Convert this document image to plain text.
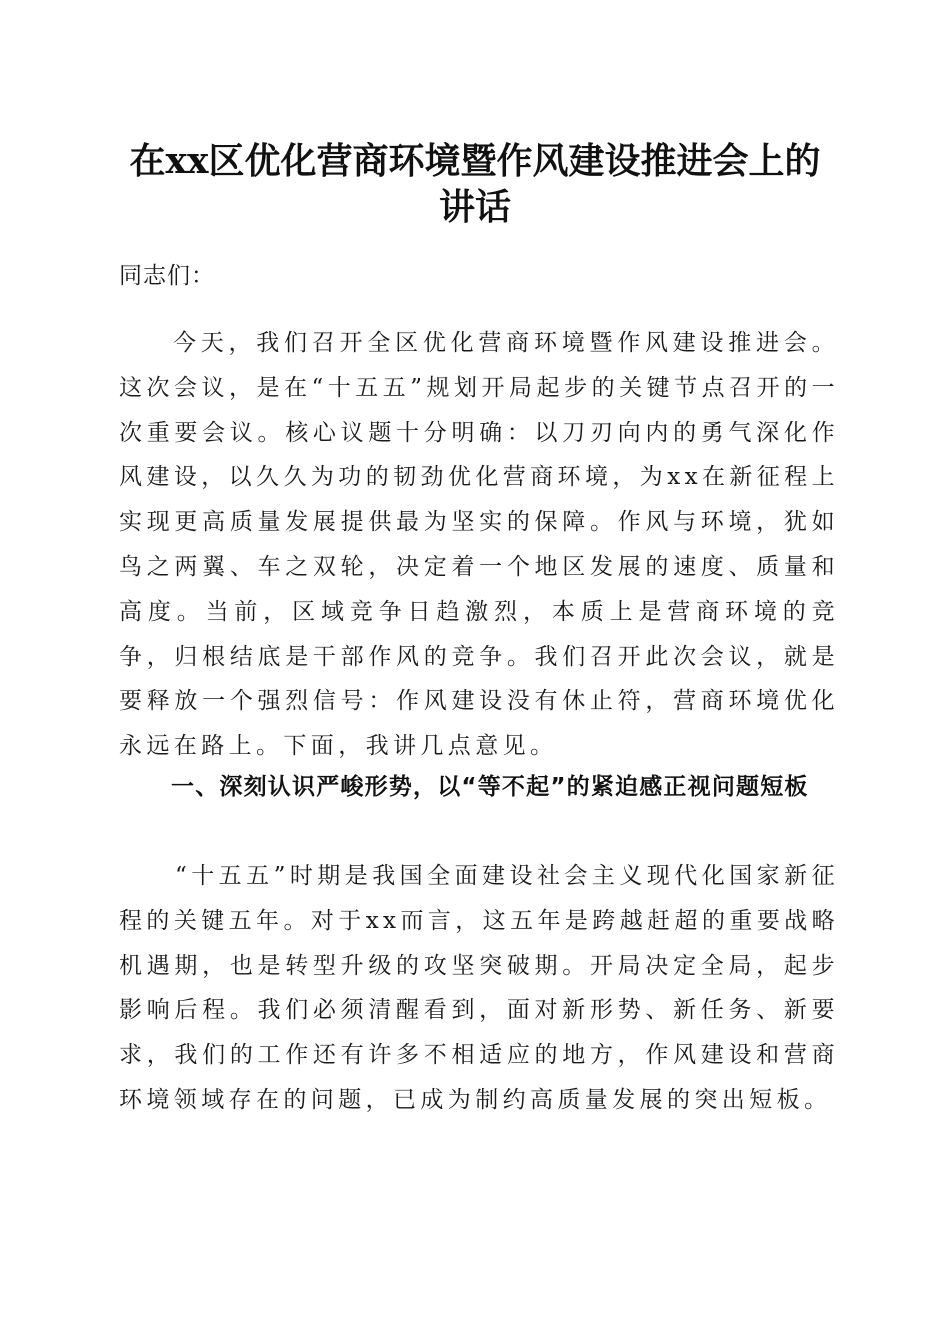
在xx区优化营商环境暨作风建设推进会上的
讲话

同志们：

今天，我们召开全区优化营商环境暨作风建设推进会。这次会议，是在“十五五”规划开局起步的关键节点召开的一次重要会议。核心议题十分明确：以刀刃向内的勇气深化作风建设，以久久为功的韧劲优化营商环境，为xx在新征程上实现更高质量发展提供最为坚实的保障。作风与环境，犹如鸟之两翼、车之双轮，决定着一个地区发展的速度、质量和高度。当前，区域竞争日趋激烈，本质上是营商环境的竞争，归根结底是干部作风的竞争。我们召开此次会议，就是要释放一个强烈信号：作风建设没有休止符，营商环境优化永远在路上。下面，我讲几点意见。

一、深刻认识严峻形势，以“等不起”的紧迫感正视问题短板

“十五五”时期是我国全面建设社会主义现代化国家新征程的关键五年。对于xx而言，这五年是跨越赶超的重要战略机遇期，也是转型升级的攻坚突破期。开局决定全局，起步影响后程。我们必须清醒看到，面对新形势、新任务、新要求，我们的工作还有许多不相适应的地方，作风建设和营商环境领域存在的问题，已成为制约高质量发展的突出短板。
